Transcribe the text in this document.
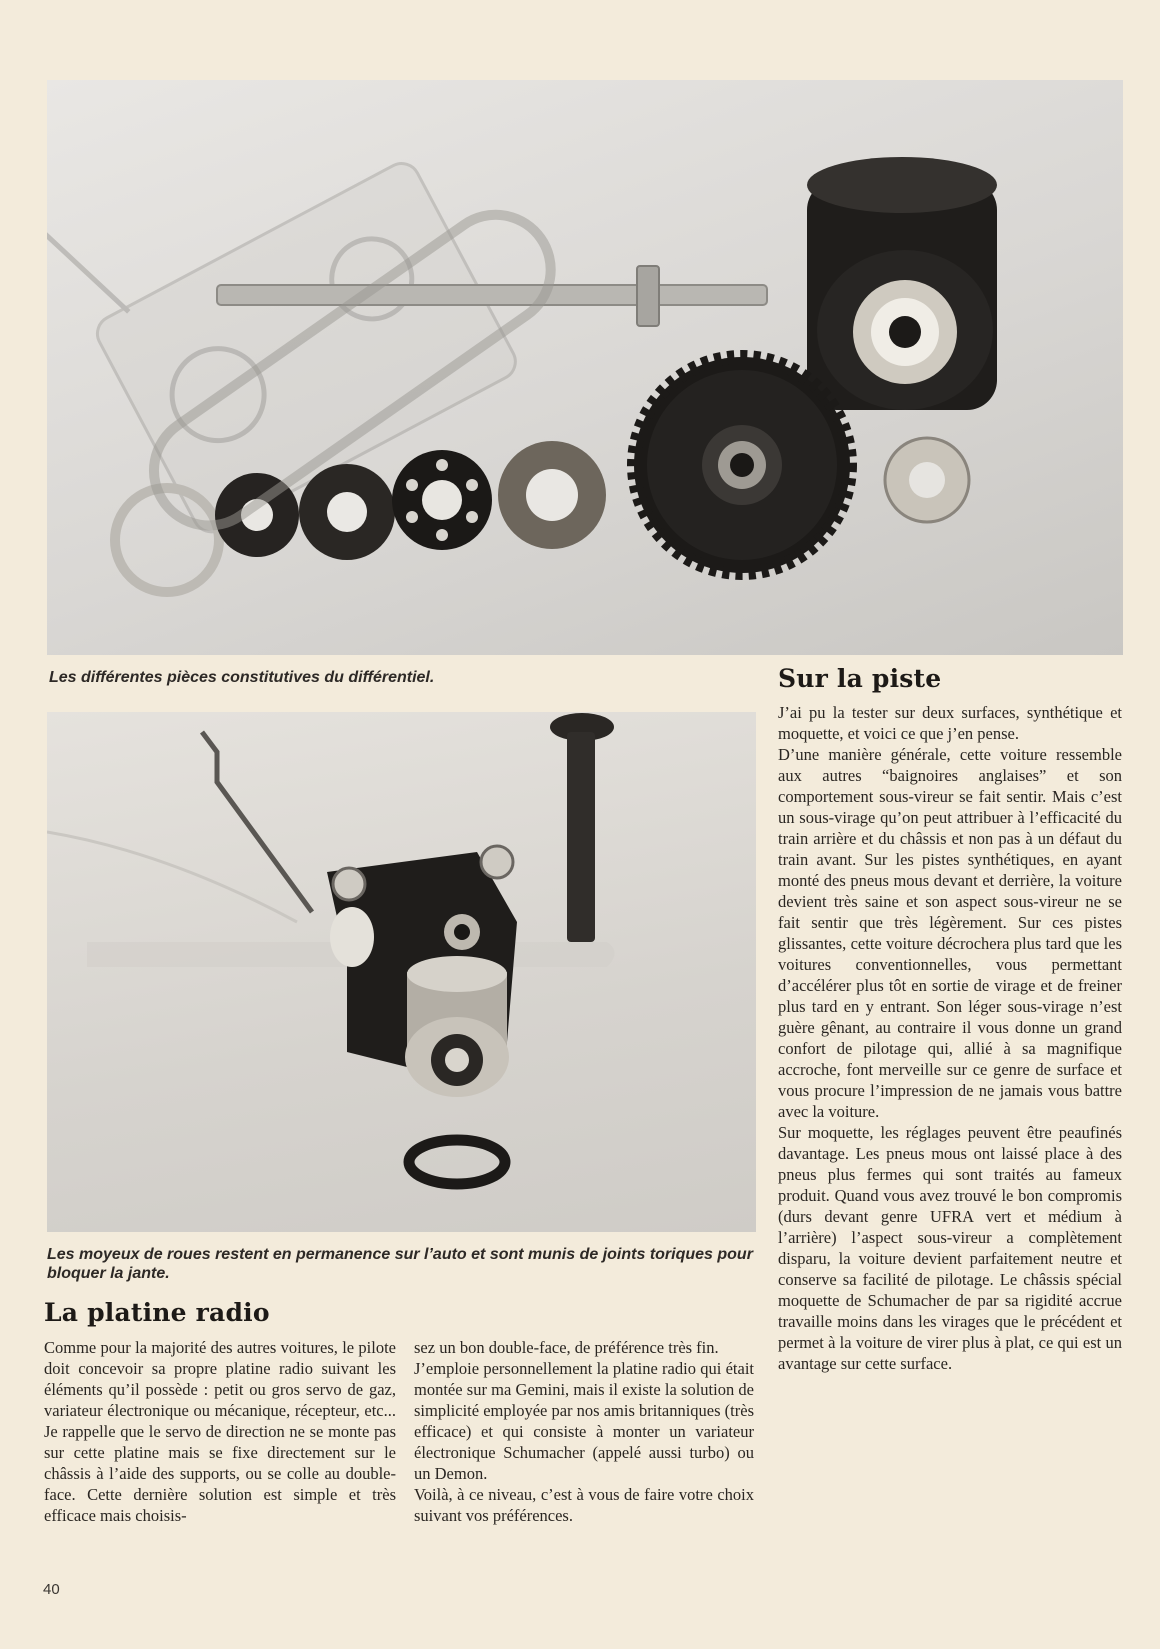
Les différentes pièces constitutives du différentiel.
Les moyeux de roues restent en permanence sur l’auto et sont munis de joints toriques pour bloquer la jante.
La platine radio

Comme pour la majorité des autres voitures, le pilote doit concevoir sa propre platine radio suivant les éléments qu’il possède : petit ou gros servo de gaz, variateur électronique ou mécanique, récepteur, etc... Je rappelle que le servo de direction ne se monte pas sur cette platine mais se fixe directement sur le châssis à l’aide des supports, ou se colle au double-face. Cette dernière solution est simple et très efficace mais choisis-

sez un bon double-face, de préférence très fin.

J’emploie personnellement la platine radio qui était montée sur ma Gemini, mais il existe la solution de simplicité employée par nos amis britanniques (très efficace) et qui consiste à monter un variateur électronique Schumacher (appelé aussi turbo) ou un Demon.

Voilà, à ce niveau, c’est à vous de faire votre choix suivant vos préférences.

Sur la piste

J’ai pu la tester sur deux surfaces, synthétique et moquette, et voici ce que j’en pense.

D’une manière générale, cette voiture ressemble aux autres “baignoires anglaises” et son comportement sous-vireur se fait sentir. Mais c’est un sous-virage qu’on peut attribuer à l’efficacité du train arrière et du châssis et non pas à un défaut du train avant. Sur les pistes synthétiques, en ayant monté des pneus mous devant et derrière, la voiture devient très saine et son aspect sous-vireur ne se fait sentir que très légèrement. Sur ces pistes glissantes, cette voiture décrochera plus tard que les voitures conventionnelles, vous permettant d’accélérer plus tôt en sortie de virage et de freiner plus tard en y entrant. Son léger sous-virage n’est guère gênant, au contraire il vous donne un grand confort de pilotage qui, allié à sa magnifique accroche, font merveille sur ce genre de surface et vous procure l’impression de ne jamais vous battre avec la voiture.

Sur moquette, les réglages peuvent être peaufinés davantage. Les pneus mous ont laissé place à des pneus plus fermes qui sont traités au fameux produit. Quand vous avez trouvé le bon compromis (durs devant genre UFRA vert et médium à l’arrière) l’aspect sous-vireur a complètement disparu, la voiture devient parfaitement neutre et conserve sa facilité de pilotage. Le châssis spécial moquette de Schumacher de par sa rigidité accrue travaille moins dans les virages que le précédent et permet à la voiture de virer plus à plat, ce qui est un avantage sur cette surface.

40
